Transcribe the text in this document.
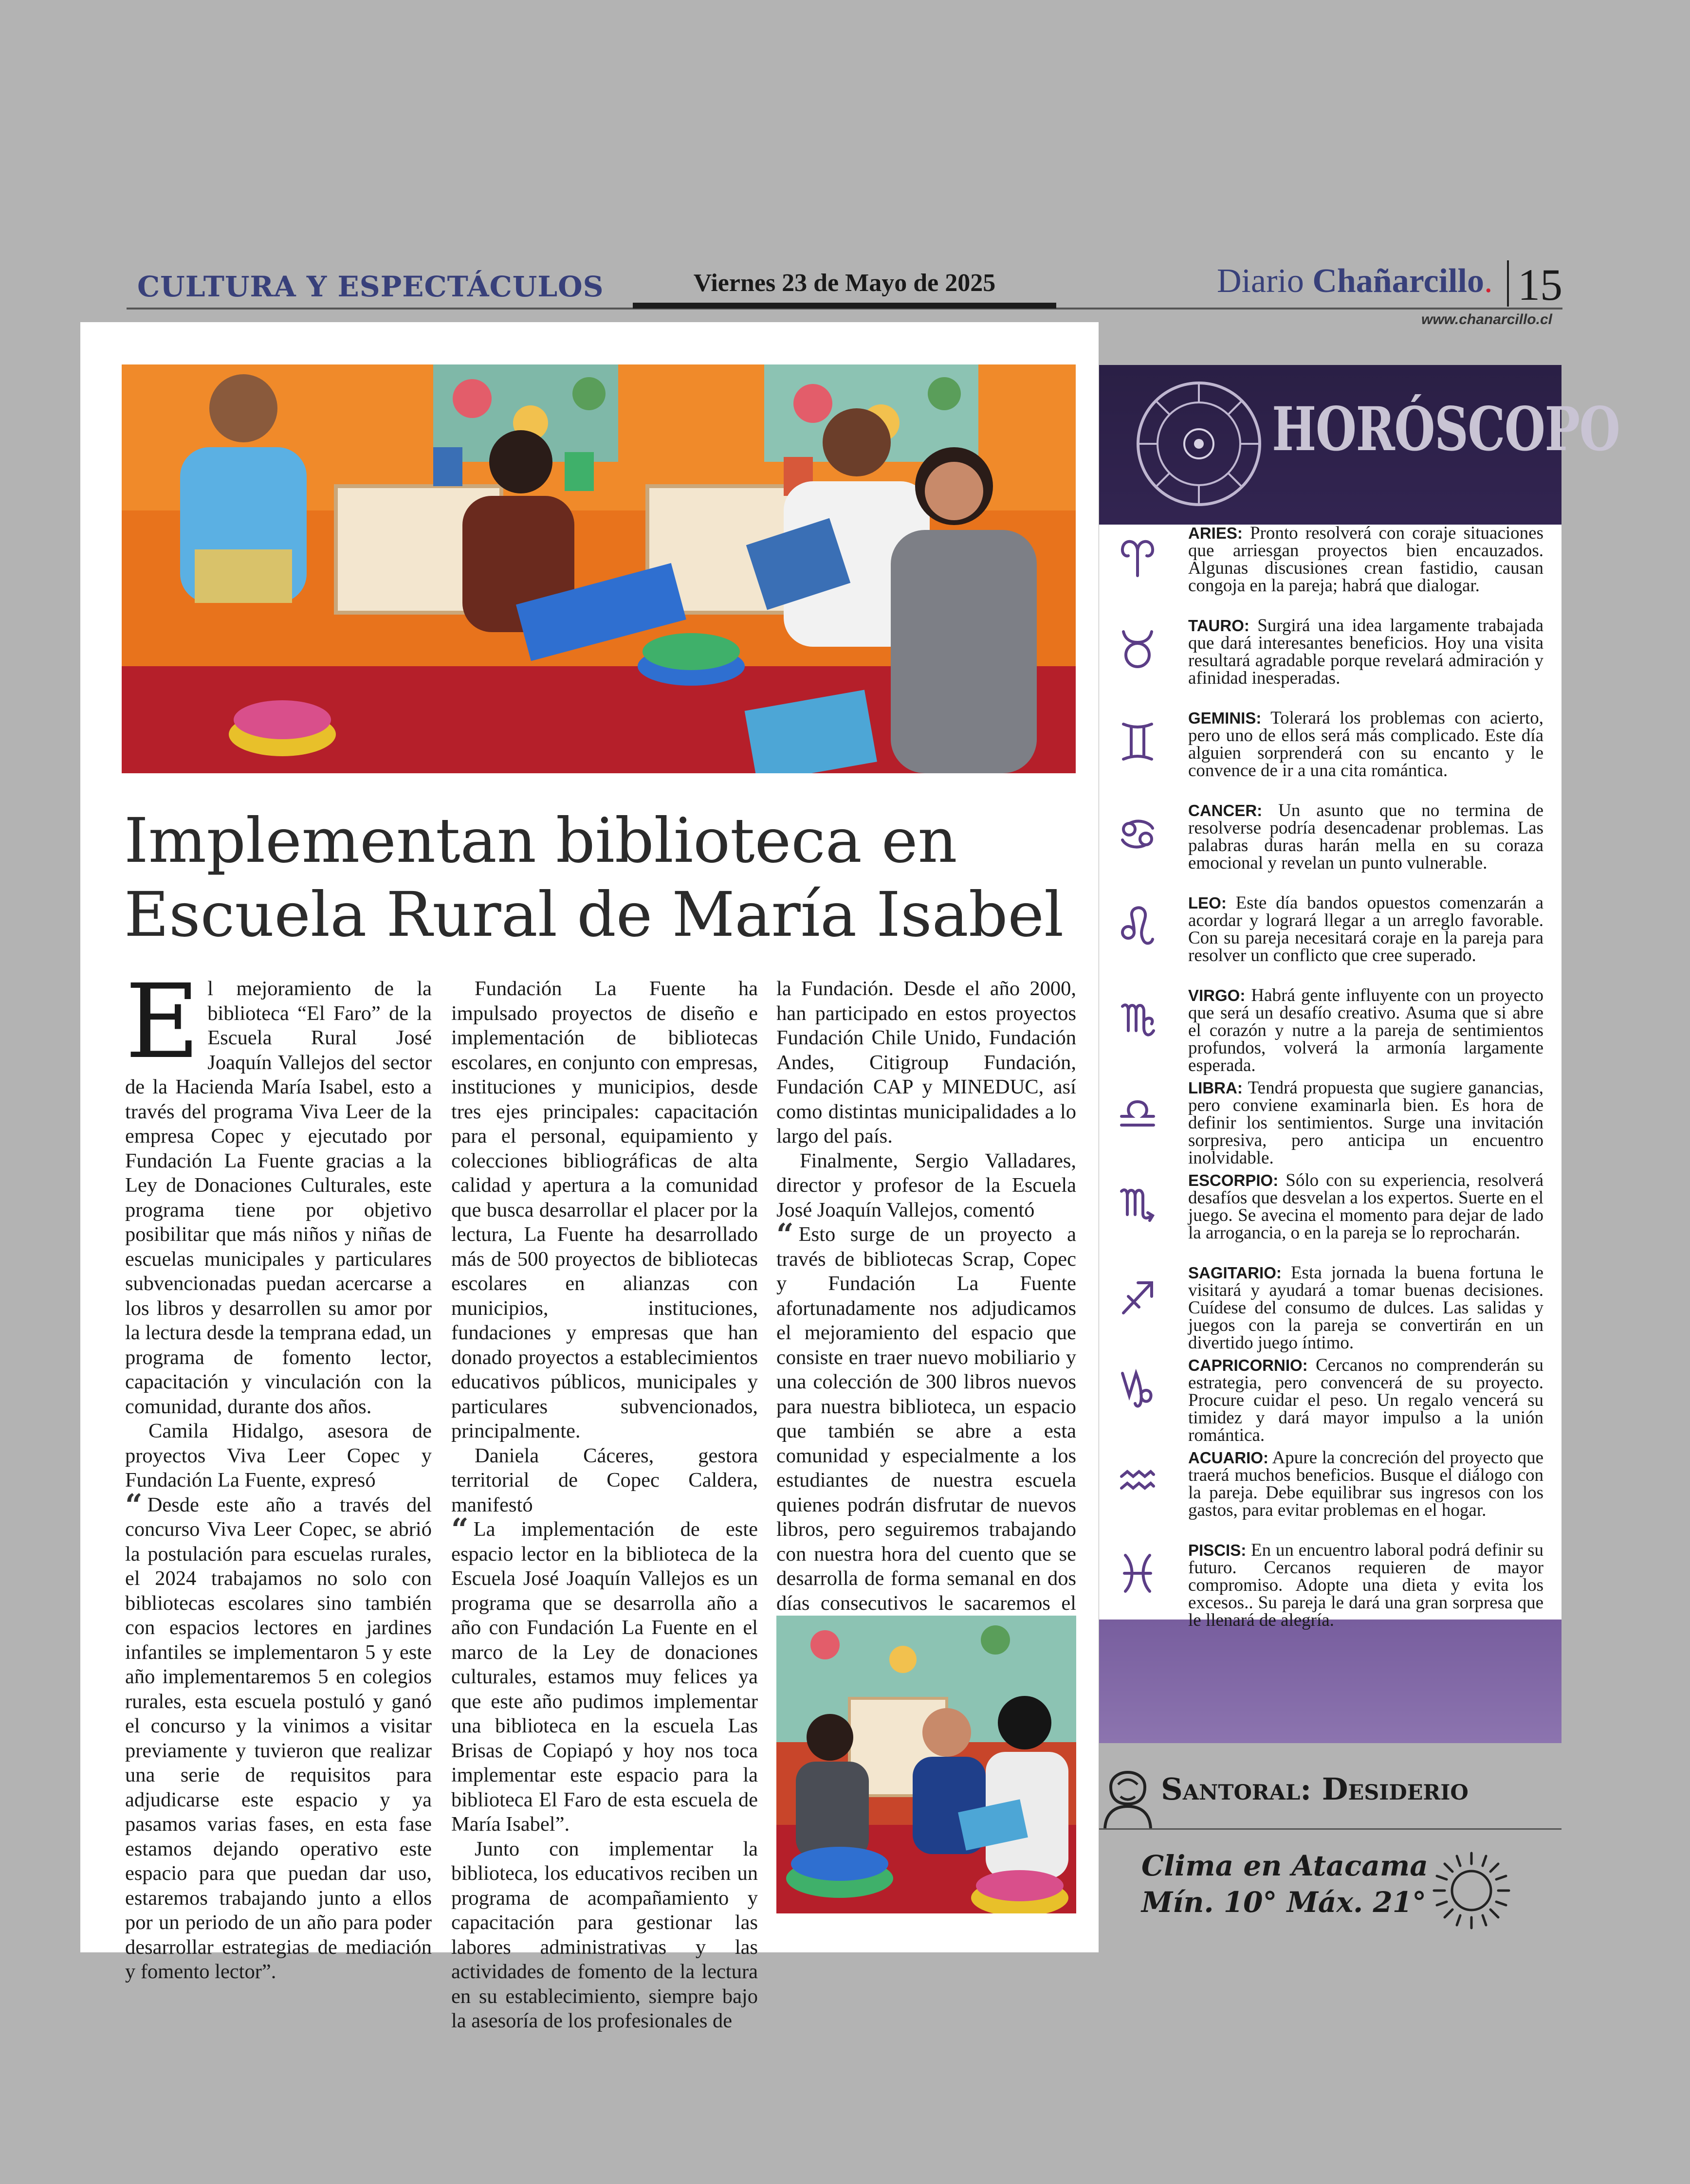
CULTURA Y ESPECTÁCULOS	Viernes 23 de Mayo de 2025	Diario Chañarcillo. 15
www.chanarcillo.cl
Implementan biblioteca en Escuela Rural de María Isabel

El mejoramiento de la biblioteca “El Faro” de la Escuela Rural José Joaquín Vallejos del sector de la Hacienda María Isabel, esto a través del programa Viva Leer de la empresa Copec y ejecutado por Fundación La Fuente gracias a la Ley de Donaciones Culturales, este programa tiene por objetivo posibilitar que más niños y niñas de escuelas municipales y particulares subvencionadas puedan acercarse a los libros y desarrollen su amor por la lectura desde la temprana edad, un programa de fomento lector, capacitación y vinculación con la comunidad, durante dos años.

Camila Hidalgo, asesora de proyectos Viva Leer Copec y Fundación La Fuente, expresó

“ Desde este año a través del concurso Viva Leer Copec, se abrió la postulación para escuelas rurales, el 2024 trabajamos no solo con bibliotecas escolares sino también con espacios lectores en jardines infantiles se implementaron 5 y este año implementaremos 5 en colegios rurales, esta escuela postuló y ganó el concurso y la vinimos a visitar previamente y tuvieron que realizar una serie de requisitos para adjudicarse este espacio y ya pasamos varias fases, en esta fase estamos dejando operativo este espacio para que puedan dar uso, estaremos trabajando junto a ellos por un periodo de un año para poder desarrollar estrategias de mediación y fomento lector”.

Fundación La Fuente ha impulsado proyectos de diseño e implementación de bibliotecas escolares, en conjunto con empresas, instituciones y municipios, desde tres ejes principales: capacitación para el personal, equipamiento y colecciones bibliográficas de alta calidad y apertura a la comunidad que busca desarrollar el placer por la lectura, La Fuente ha desarrollado más de 500 proyectos de bibliotecas escolares en alianzas con municipios, instituciones, fundaciones y empresas que han donado proyectos a establecimientos educativos públicos, municipales y particulares subvencionados, principalmente.

Daniela Cáceres, gestora territorial de Copec Caldera, manifestó

“ La implementación de este espacio lector en la biblioteca de la Escuela José Joaquín Vallejos es un programa que se desarrolla año a año con Fundación La Fuente en el marco de la Ley de donaciones culturales, estamos muy felices ya que este año pudimos implementar una biblioteca en la escuela Las Brisas de Copiapó y hoy nos toca implementar este espacio para la biblioteca El Faro de esta escuela de María Isabel”.

Junto con implementar la biblioteca, los educativos reciben un programa de acompañamiento y capacitación para gestionar las labores administrativas y las actividades de fomento de la lectura en su establecimiento, siempre bajo la asesoría de los profesionales de

la Fundación. Desde el año 2000, han participado en estos proyectos Fundación Chile Unido, Fundación Andes, Citigroup Fundación, Fundación CAP y MINEDUC, así como distintas municipalidades a lo largo del país.

Finalmente, Sergio Valladares, director y profesor de la Escuela José Joaquín Vallejos, comentó

“ Esto surge de un proyecto a través de bibliotecas Scrap, Copec y Fundación La Fuente afortunadamente nos adjudicamos el mejoramiento del espacio que consiste en traer nuevo mobiliario y una colección de 300 libros nuevos para nuestra biblioteca, un espacio que también se abre a esta comunidad y especialmente a los estudiantes de nuestra escuela quienes podrán disfrutar de nuevos libros, pero seguiremos trabajando con nuestra hora del cuento que se desarrolla de forma semanal en dos días consecutivos le sacaremos el

HORÓSCOPO
ARIES: Pronto resolverá con coraje situaciones que arriesgan proyectos bien encauzados. Algunas discusiones crean fastidio, causan congoja en la pareja; habrá que dialogar.
TAURO: Surgirá una idea largamente trabajada que dará interesantes beneficios. Hoy una visita resultará agradable porque revelará admiración y afinidad inesperadas.
GEMINIS: Tolerará los problemas con acierto, pero uno de ellos será más complicado. Este día alguien sorprenderá con su encanto y le convence de ir a una cita romántica.
CANCER: Un asunto que no termina de resolverse podría desencadenar problemas. Las palabras duras harán mella en su coraza emocional y revelan un punto vulnerable.
LEO: Este día bandos opuestos comenzarán a acordar y logrará llegar a un arreglo favorable. Con su pareja necesitará coraje en la pareja para resolver un conflicto que cree superado.
VIRGO: Habrá gente influyente con un proyecto que será un desafío creativo. Asuma que si abre el corazón y nutre a la pareja de sentimientos profundos, volverá la armonía largamente esperada.
LIBRA: Tendrá propuesta que sugiere ganancias, pero conviene examinarla bien. Es hora de definir los sentimientos. Surge una invitación sorpresiva, pero anticipa un encuentro inolvidable.
ESCORPIO: Sólo con su experiencia, resolverá desafíos que desvelan a los expertos. Suerte en el juego. Se avecina el momento para dejar de lado la arrogancia, o en la pareja se lo reprocharán.
SAGITARIO: Esta jornada la buena fortuna le visitará y ayudará a tomar buenas decisiones. Cuídese del consumo de dulces. Las salidas y juegos con la pareja se convertirán en un divertido juego íntimo.
CAPRICORNIO: Cercanos no comprenderán su estrategia, pero convencerá de su proyecto. Procure cuidar el peso. Un regalo vencerá su timidez y dará mayor impulso a la unión romántica.
ACUARIO: Apure la concreción del proyecto que traerá muchos beneficios. Busque el diálogo con la pareja. Debe equilibrar sus ingresos con los gastos, para evitar problemas en el hogar.
PISCIS: En un encuentro laboral podrá definir su futuro. Cercanos requieren de mayor compromiso. Adopte una dieta y evita los excesos.. Su pareja le dará una gran sorpresa que le llenará de alegría.
Santoral: Desiderio
Clima en Atacama
Mín. 10° Máx. 21°
